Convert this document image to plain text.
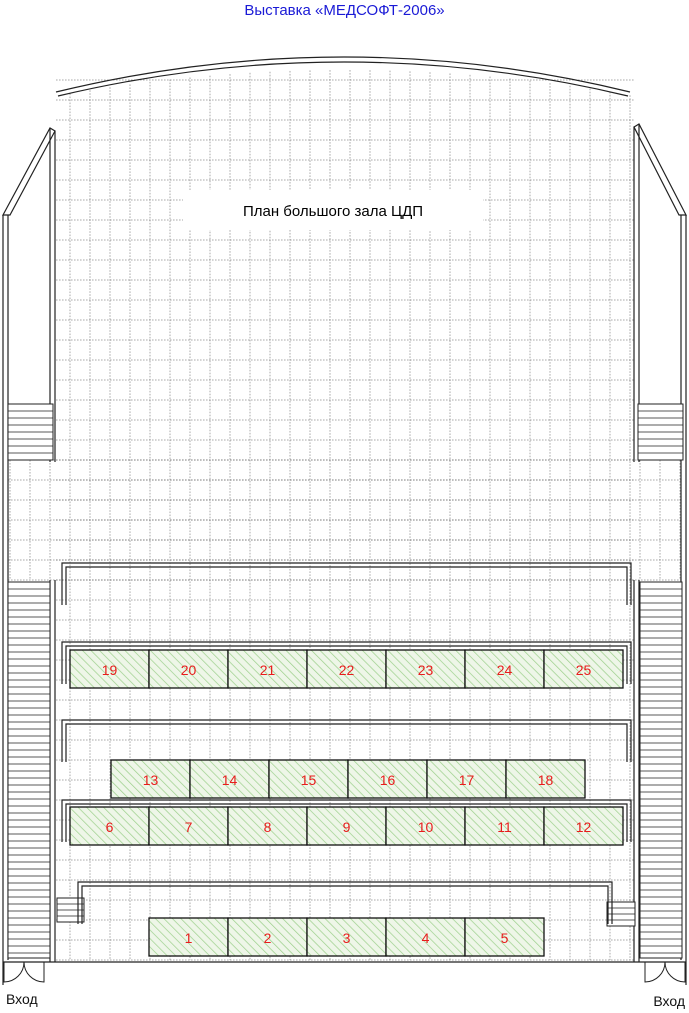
Выставка «МЕДСОФТ-2006»
План большого зала ЦДП
19	20	21	22	23	24	25
13	14	15	16	17	18
6	7	8	9	10	11	12
1	2	3	4	5
Вход	Вход
